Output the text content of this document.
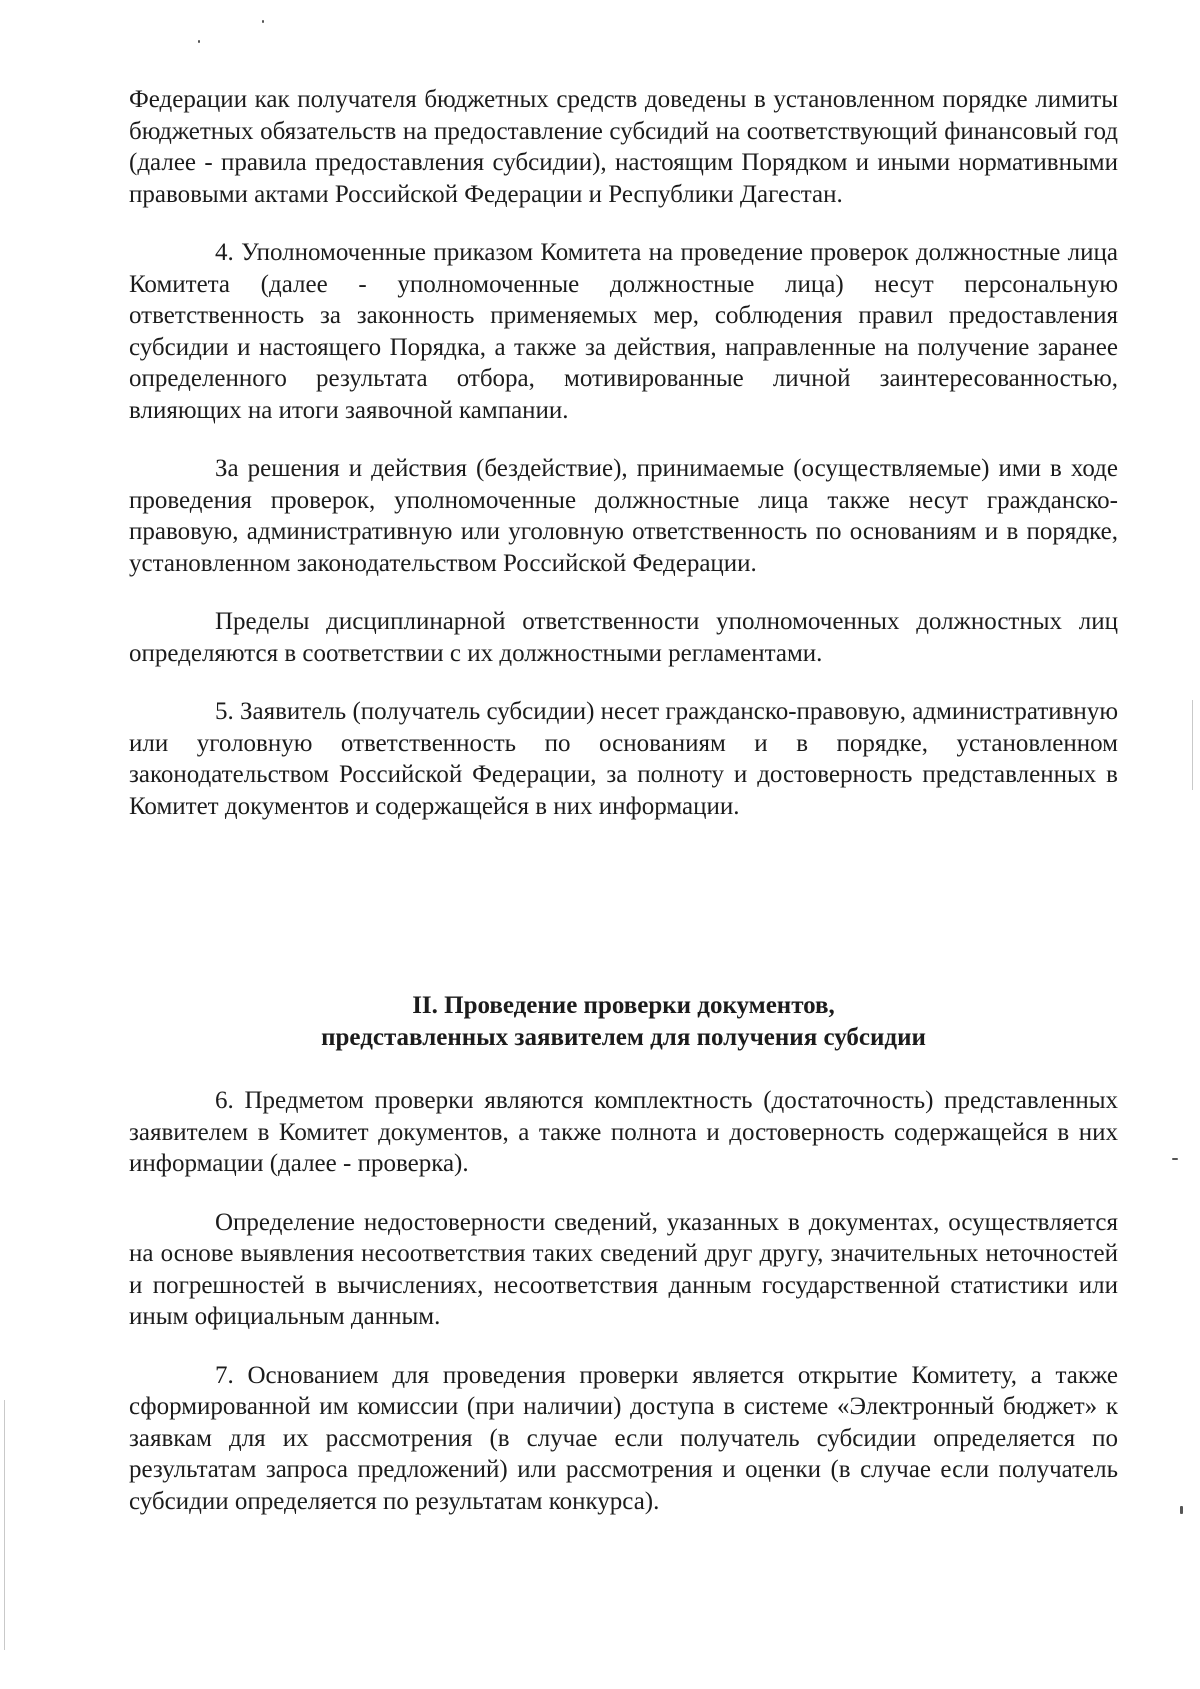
Федерации как получателя бюджетных средств доведены в установленном порядке лимиты бюджетных обязательств на предоставление субсидий на соответствующий финансовый год (далее - правила предоставления субсидии), настоящим Порядком и иными нормативными правовыми актами Российской Федерации и Республики Дагестан.

4. Уполномоченные приказом Комитета на проведение проверок должностные лица Комитета (далее - уполномоченные должностные лица) несут персональную ответственность за законность применяемых мер, соблюдения правил предоставления субсидии и настоящего Порядка, а также за действия, направленные на получение заранее определенного результата отбора, мотивированные личной заинтересованностью, влияющих на итоги заявочной кампании.

За решения и действия (бездействие), принимаемые (осуществляемые) ими в ходе проведения проверок, уполномоченные должностные лица также несут гражданско-правовую, административную или уголовную ответственность по основаниям и в порядке, установленном законодательством Российской Федерации.

Пределы дисциплинарной ответственности уполномоченных должностных лиц определяются в соответствии с их должностными регламентами.

5. Заявитель (получатель субсидии) несет гражданско-правовую, административную или уголовную ответственность по основаниям и в порядке, установленном законодательством Российской Федерации, за полноту и достоверность представленных в Комитет документов и содержащейся в них информации.

II. Проведение проверки документов,
представленных заявителем для получения субсидии

6. Предметом проверки являются комплектность (достаточность) представленных заявителем в Комитет документов, а также полнота и достоверность содержащейся в них информации (далее - проверка).

Определение недостоверности сведений, указанных в документах, осуществляется на основе выявления несоответствия таких сведений друг другу, значительных неточностей и погрешностей в вычислениях, несоответствия данным государственной статистики или иным официальным данным.

7. Основанием для проведения проверки является открытие Комитету, а также сформированной им комиссии (при наличии) доступа в системе «Электронный бюджет» к заявкам для их рассмотрения (в случае если получатель субсидии определяется по результатам запроса предложений) или рассмотрения и оценки (в случае если получатель субсидии определяется по результатам конкурса).
